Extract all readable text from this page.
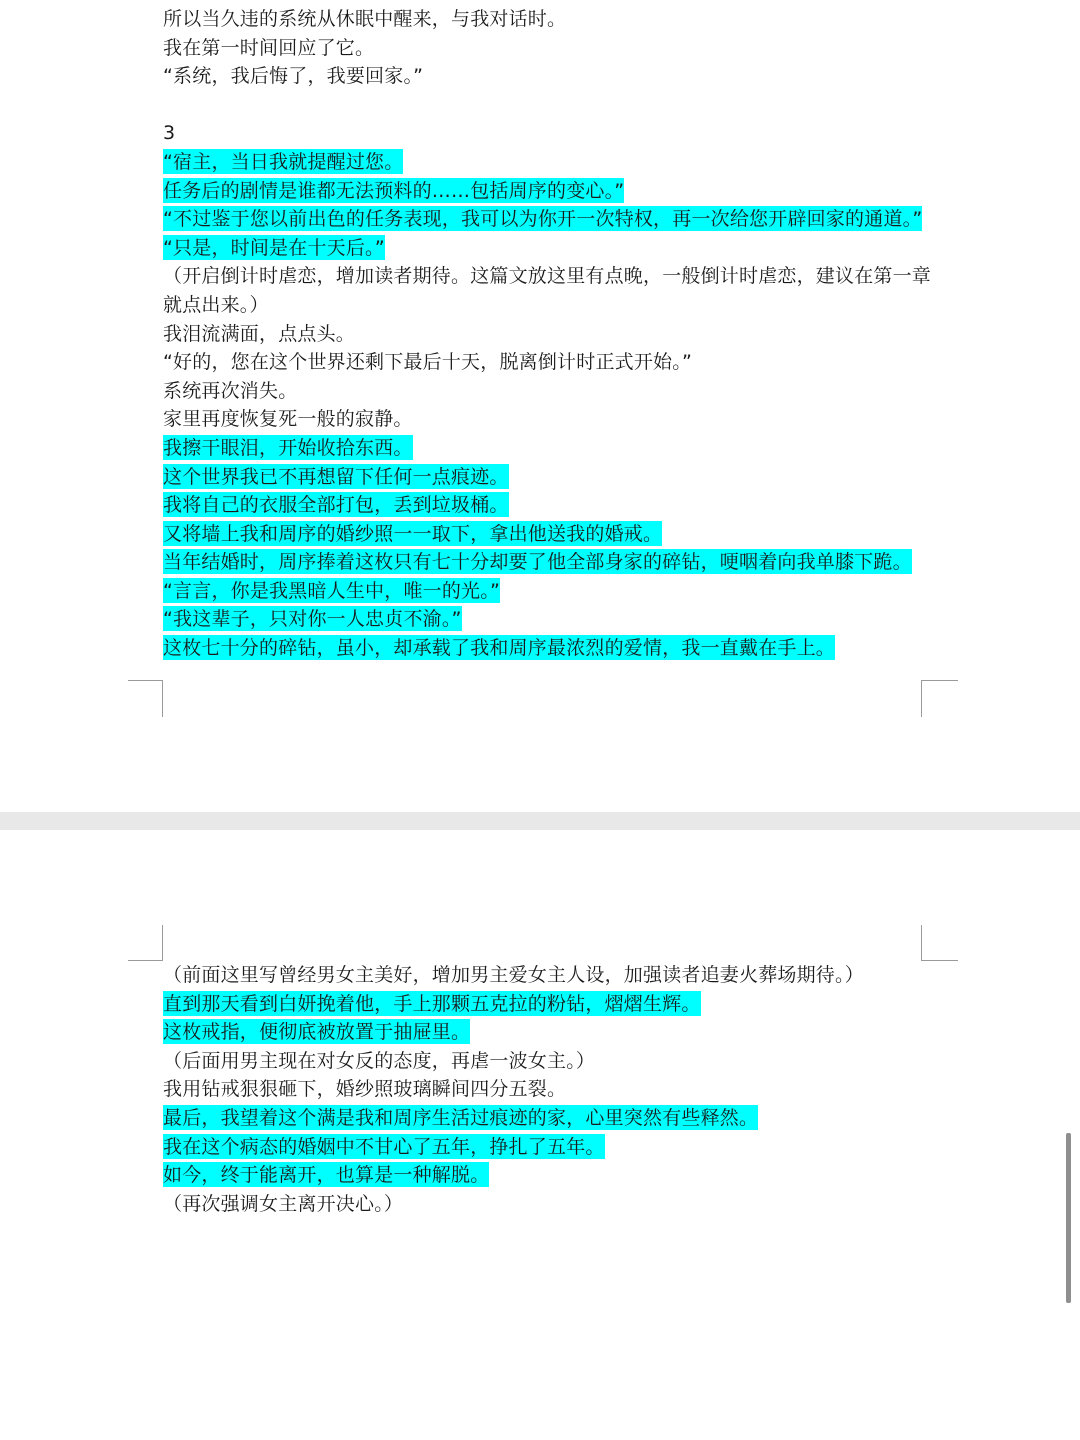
所以当久违的系统从休眠中醒来，与我对话时。
我在第一时间回应了它。
“系统，我后悔了，我要回家。”
3
“宿主，当日我就提醒过您。
任务后的剧情是谁都无法预料的……包括周序的变心。”
“不过鉴于您以前出色的任务表现，我可以为你开一次特权，再一次给您开辟回家的通道。”
“只是，时间是在十天后。”
（开启倒计时虐恋，增加读者期待。这篇文放这里有点晚，一般倒计时虐恋，建议在第一章
就点出来。）
我泪流满面，点点头。
“好的，您在这个世界还剩下最后十天，脱离倒计时正式开始。”
系统再次消失。
家里再度恢复死一般的寂静。
我擦干眼泪，开始收拾东西。
这个世界我已不再想留下任何一点痕迹。
我将自己的衣服全部打包，丢到垃圾桶。
又将墙上我和周序的婚纱照一一取下，拿出他送我的婚戒。
当年结婚时，周序捧着这枚只有七十分却要了他全部身家的碎钻，哽咽着向我单膝下跪。
“言言，你是我黑暗人生中，唯一的光。”
“我这辈子，只对你一人忠贞不渝。”
这枚七十分的碎钻，虽小，却承载了我和周序最浓烈的爱情，我一直戴在手上。
（前面这里写曾经男女主美好，增加男主爱女主人设，加强读者追妻火葬场期待。）
直到那天看到白妍挽着他，手上那颗五克拉的粉钻，熠熠生辉。
这枚戒指，便彻底被放置于抽屉里。
（后面用男主现在对女反的态度，再虐一波女主。）
我用钻戒狠狠砸下，婚纱照玻璃瞬间四分五裂。
最后，我望着这个满是我和周序生活过痕迹的家，心里突然有些释然。
我在这个病态的婚姻中不甘心了五年，挣扎了五年。
如今，终于能离开，也算是一种解脱。
（再次强调女主离开决心。）
